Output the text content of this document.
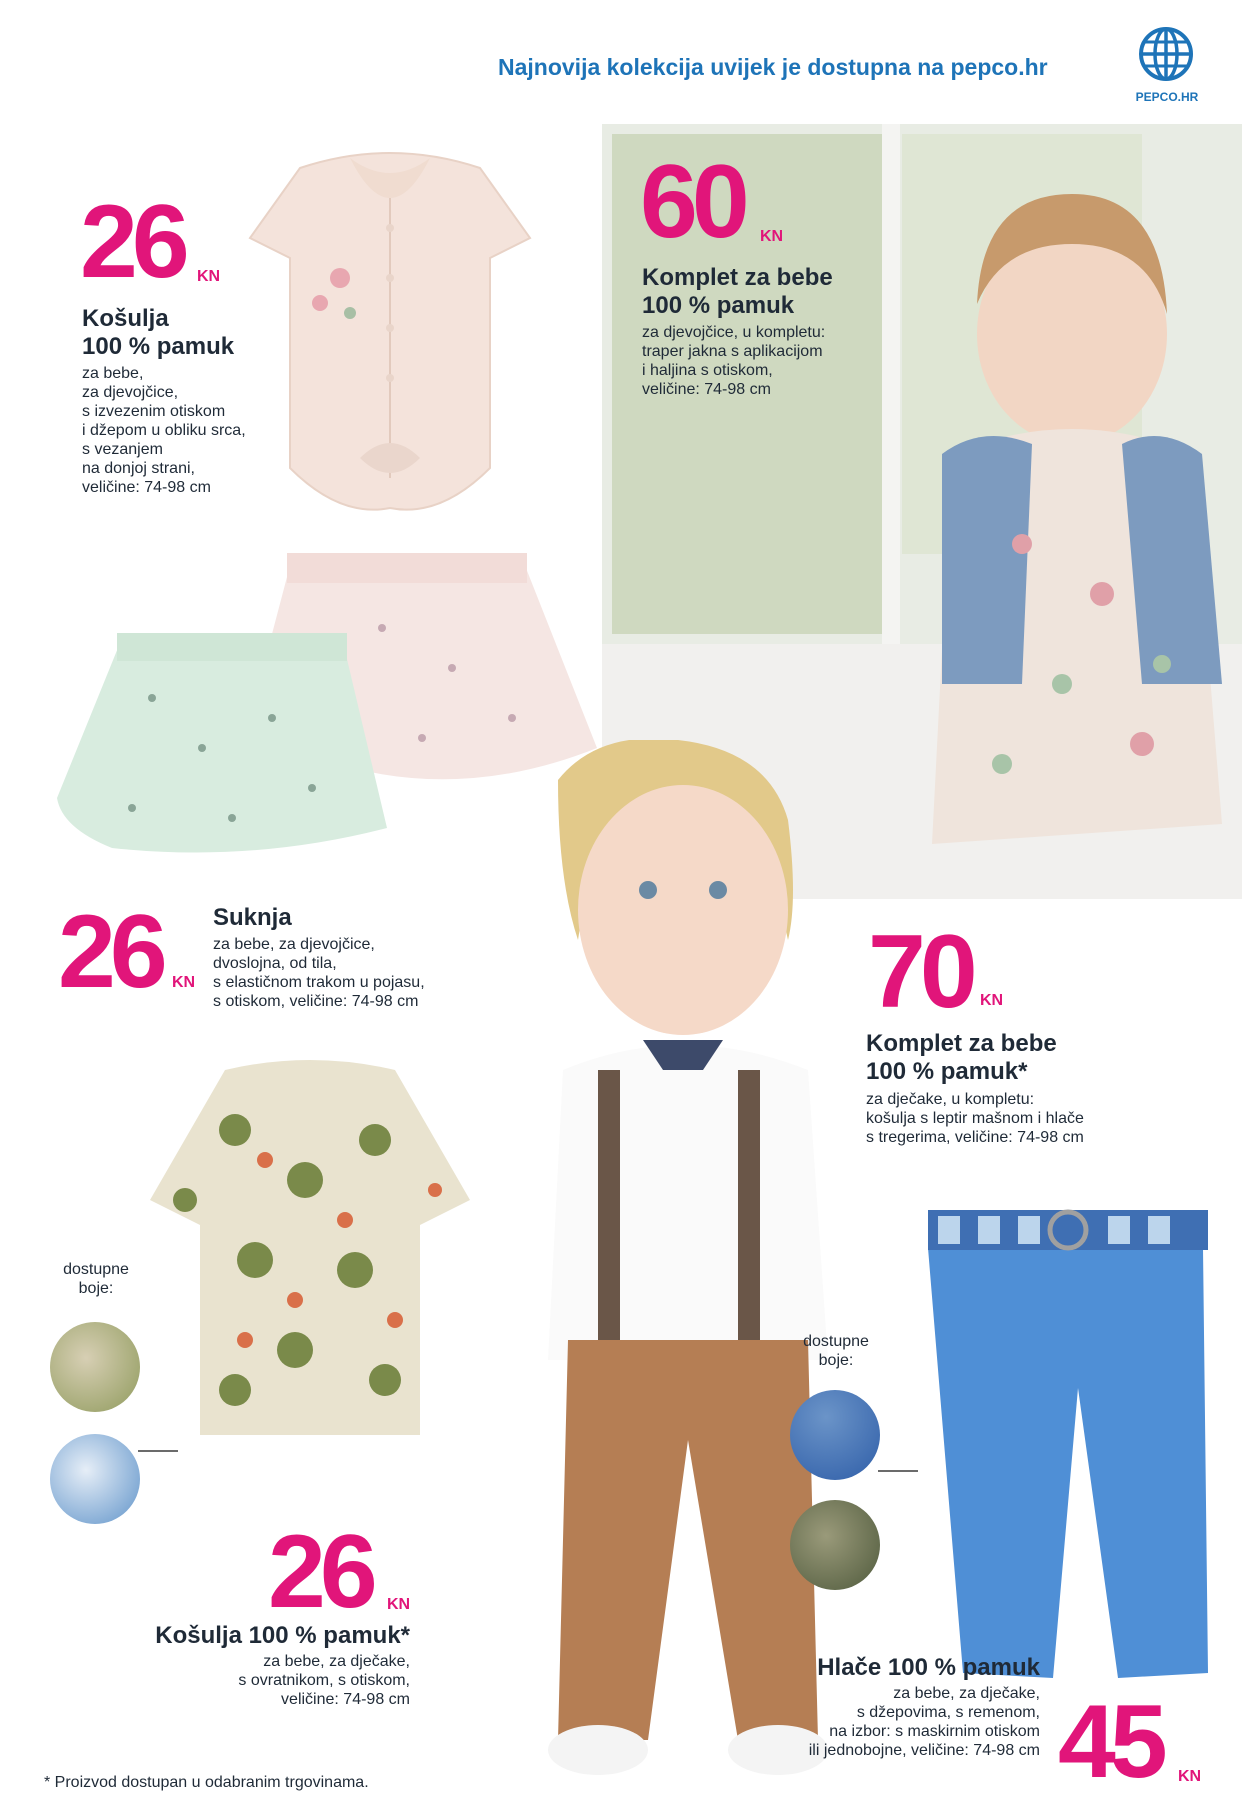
Najnovija kolekcija uvijek je dostupna na pepco.hr
PEPCO.HR
26 KN
Košulja
100 % pamuk
za bebe,
za djevojčice,
s izvezenim otiskom
i džepom u obliku srca,
s vezanjem
na donjoj strani,
veličine: 74-98 cm
60 KN
Komplet za bebe
100 % pamuk
za djevojčice, u kompletu:
traper jakna s aplikacijom
i haljina s otiskom,
veličine: 74-98 cm
26 KN
Suknja
za bebe, za djevojčice,
dvoslojna, od tila,
s elastičnom trakom u pojasu,
s otiskom, veličine: 74-98 cm	70 KN
Komplet za bebe
100 % pamuk*
za dječake, u kompletu:
košulja s leptir mašnom i hlače
s tregerima, veličine: 74-98 cm
dostupne
boje:
26 KN
Košulja 100 % pamuk*
za bebe, za dječake,
s ovratnikom, s otiskom,
veličine: 74-98 cm
dostupne
boje:
Hlače 100 % pamuk
za bebe, za dječake,
s džepovima, s remenom,
na izbor: s maskirnim otiskom
ili jednobojne, veličine: 74-98 cm 45 KN
* Proizvod dostupan u odabranim trgovinama.
